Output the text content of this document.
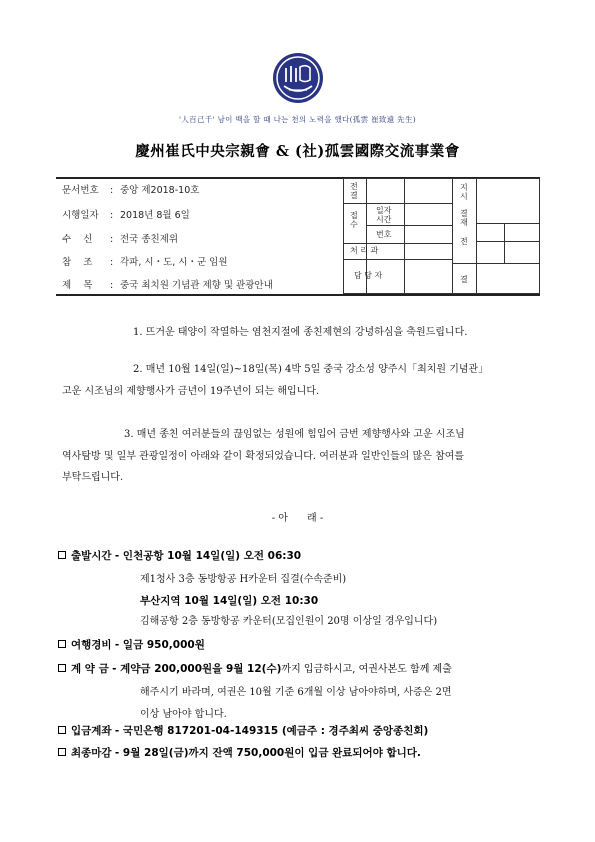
'人百己千' 남이 백을 할 때 나는 천의 노력을 했다(孤雲 崔致遠 先生)
慶州崔氏中央宗親會 & (社)孤雲國際交流事業會
문서번호 : 중앙 제2018-10호
시행일자 : 2018년 8월 6일
수    신 : 전국 종친제위
참    조 : 각파, 시・도, 시・군 임원
제    목 : 중국 최치원 기념관 제향 및 관광안내
전결
접수
일자 시간
번호
처 리 과
담 당 자
지시
결재
전
결
1. 뜨거운 태양이 작열하는 염천지절에 종친제현의 강녕하심을 축원드립니다.
2. 매년 10월 14일(일)~18일(목) 4박 5일 중국 강소성 양주시「최치원 기념관」
고운 시조님의 제향행사가 금년이 19주년이 되는 해입니다.
3. 매년 종친 여러분들의 끊임없는 성원에 힘입어 금번 제향행사와 고운 시조님
역사탐방 및 일부 관광일정이 아래와 같이 확정되었습니다. 여러분과 일반인들의 많은 참여를
부탁드립니다.
- 아      래 -
출발시간 - 인천공항 10월 14일(일) 오전 06:30
제1청사 3층 동방항공 H카운터 집결(수속준비)
부산지역 10월 14일(일) 오전 10:30
김해공항 2층 동방항공 카운터(모집인원이 20명 이상일 경우입니다)
여행경비 - 일금 950,000원
계 약 금 - 계약금 200,000원을 9월 12(수)까지 입금하시고, 여권사본도 함께 제출
해주시기 바라며, 여권은 10월 기준 6개월 이상 남아야하며, 사증은 2면
이상 남아야 합니다.
입금계좌 - 국민은행 817201-04-149315 (예금주 : 경주최씨 중앙종친회)
최종마감 - 9월 28일(금)까지 잔액 750,000원이 입금 완료되어야 합니다.
